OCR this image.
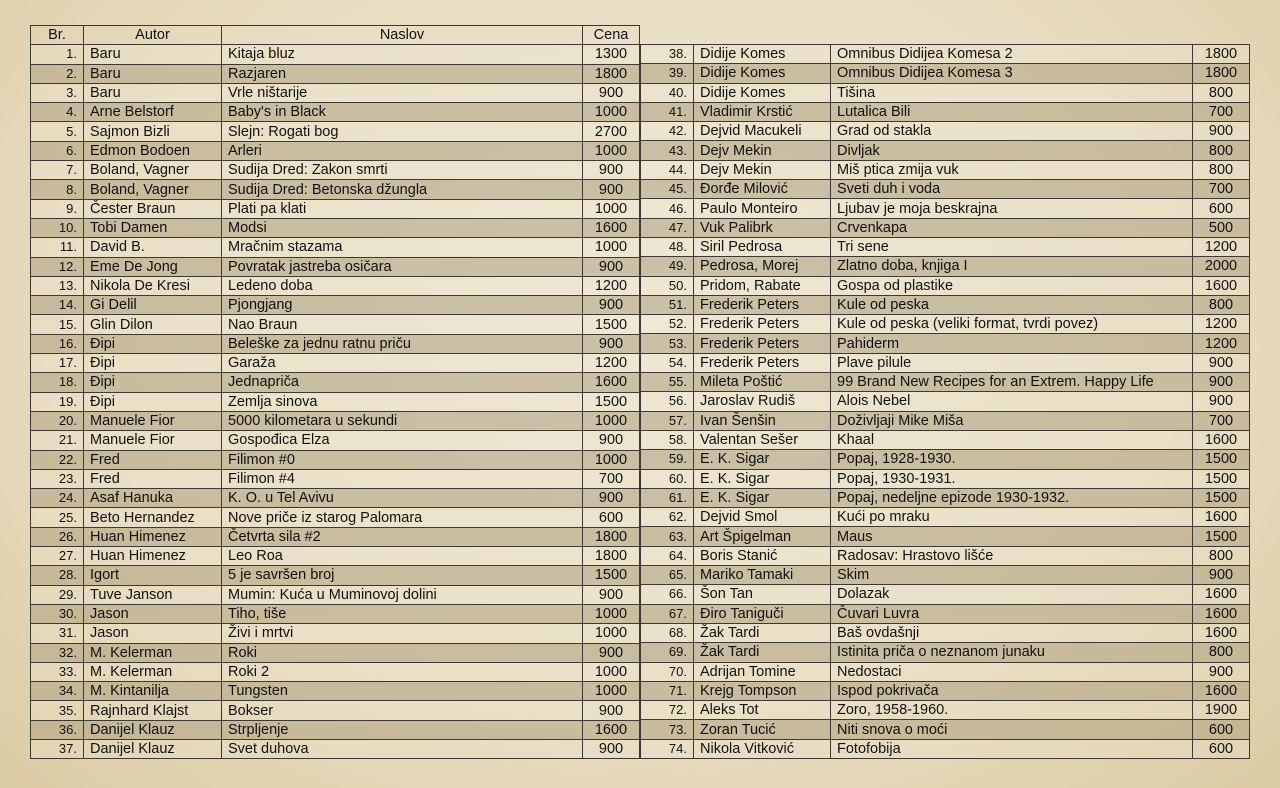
Br.	Autor	Naslov	Cena
1.	Baru	Kitaja bluz	1300
2.	Baru	Razjaren	1800
3.	Baru	Vrle ništarije	900
4.	Arne Belstorf	Baby's in Black	1000
5.	Sajmon Bizli	Slejn: Rogati bog	2700
6.	Edmon Bodoen	Arleri	1000
7.	Boland, Vagner	Sudija Dred: Zakon smrti	900
8.	Boland, Vagner	Sudija Dred: Betonska džungla	900
9.	Čester Braun	Plati pa klati	1000
10.	Tobi Damen	Modsi	1600
11.	David B.	Mračnim stazama	1000
12.	Eme De Jong	Povratak jastreba osičara	900
13.	Nikola De Kresi	Ledeno doba	1200
14.	Gi Delil	Pjongjang	900
15.	Glin Dilon	Nao Braun	1500
16.	Đipi	Beleške za jednu ratnu priču	900
17.	Đipi	Garaža	1200
18.	Đipi	Jednapriča	1600
19.	Đipi	Zemlja sinova	1500
20.	Manuele Fior	5000 kilometara u sekundi	1000
21.	Manuele Fior	Gospođica Elza	900
22.	Fred	Filimon #0	1000
23.	Fred	Filimon #4	700
24.	Asaf Hanuka	K. O. u Tel Avivu	900
25.	Beto Hernandez	Nove priče iz starog Palomara	600
26.	Huan Himenez	Četvrta sila #2	1800
27.	Huan Himenez	Leo Roa	1800
28.	Igort	5 je savršen broj	1500
29.	Tuve Janson	Mumin: Kuća u Muminovoj dolini	900
30.	Jason	Tiho, tiše	1000
31.	Jason	Živi i mrtvi	1000
32.	M. Kelerman	Roki	900
33.	M. Kelerman	Roki 2	1000
34.	M. Kintanilja	Tungsten	1000
35.	Rajnhard Klajst	Bokser	900
36.	Danijel Klauz	Strpljenje	1600
37.	Danijel Klauz	Svet duhova	900
38.	Didije Komes	Omnibus Didijea Komesa 2	1800
39.	Didije Komes	Omnibus Didijea Komesa 3	1800
40.	Didije Komes	Tišina	800
41.	Vladimir Krstić	Lutalica Bili	700
42.	Dejvid Macukeli	Grad od stakla	900
43.	Dejv Mekin	Divljak	800
44.	Dejv Mekin	Miš ptica zmija vuk	800
45.	Đorđe Milović	Sveti duh i voda	700
46.	Paulo Monteiro	Ljubav je moja beskrajna	600
47.	Vuk Palibrk	Crvenkapa	500
48.	Siril Pedrosa	Tri sene	1200
49.	Pedrosa, Morej	Zlatno doba, knjiga I	2000
50.	Pridom, Rabate	Gospa od plastike	1600
51.	Frederik Peters	Kule od peska	800
52.	Frederik Peters	Kule od peska (veliki format, tvrdi povez)	1200
53.	Frederik Peters	Pahiderm	1200
54.	Frederik Peters	Plave pilule	900
55.	Mileta Poštić	99 Brand New Recipes for an Extrem. Happy Life	900
56.	Jaroslav Rudiš	Alois Nebel	900
57.	Ivan Šenšin	Doživljaji Mike Miša	700
58.	Valentan Sešer	Khaal	1600
59.	E. K. Sigar	Popaj, 1928-1930.	1500
60.	E. K. Sigar	Popaj, 1930-1931.	1500
61.	E. K. Sigar	Popaj, nedeljne epizode 1930-1932.	1500
62.	Dejvid Smol	Kući po mraku	1600
63.	Art Špigelman	Maus	1500
64.	Boris Stanić	Radosav: Hrastovo lišće	800
65.	Mariko Tamaki	Skim	900
66.	Šon Tan	Dolazak	1600
67.	Điro Taniguči	Čuvari Luvra	1600
68.	Žak Tardi	Baš ovdašnji	1600
69.	Žak Tardi	Istinita priča o neznanom junaku	800
70.	Adrijan Tomine	Nedostaci	900
71.	Krejg Tompson	Ispod pokrivača	1600
72.	Aleks Tot	Zoro, 1958-1960.	1900
73.	Zoran Tucić	Niti snova o moći	600
74.	Nikola Vitković	Fotofobija	600
